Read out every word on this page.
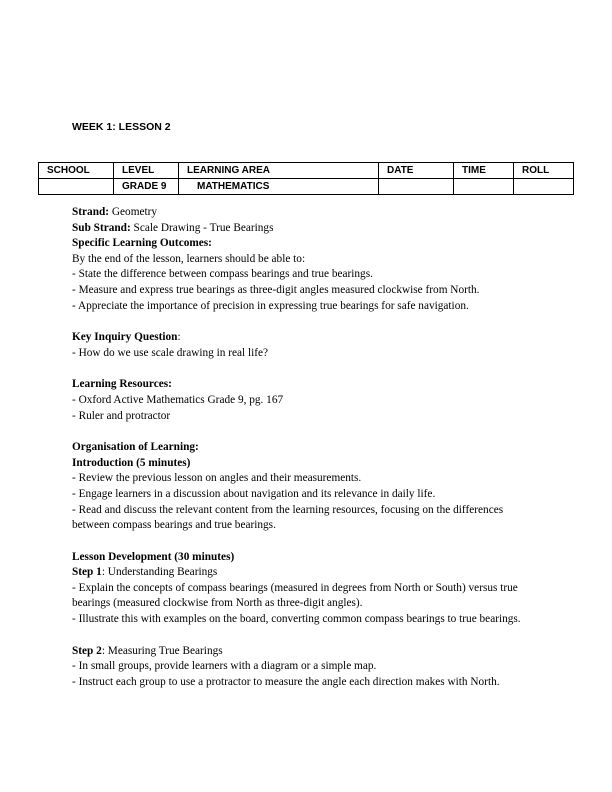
WEEK 1: LESSON 2
SCHOOL	LEVEL	LEARNING AREA	DATE	TIME	ROLL
	GRADE 9	MATHEMATICS			

Strand: Geometry

Sub Strand: Scale Drawing - True Bearings

Specific Learning Outcomes:

By the end of the lesson, learners should be able to:

- State the difference between compass bearings and true bearings.

- Measure and express true bearings as three-digit angles measured clockwise from North.

- Appreciate the importance of precision in expressing true bearings for safe navigation.

Key Inquiry Question:

- How do we use scale drawing in real life?

Learning Resources:

- Oxford Active Mathematics Grade 9, pg. 167

- Ruler and protractor

Organisation of Learning:

Introduction (5 minutes)

- Review the previous lesson on angles and their measurements.

- Engage learners in a discussion about navigation and its relevance in daily life.

- Read and discuss the relevant content from the learning resources, focusing on the differences between compass bearings and true bearings.

Lesson Development (30 minutes)

Step 1: Understanding Bearings

- Explain the concepts of compass bearings (measured in degrees from North or South) versus true bearings (measured clockwise from North as three-digit angles).

- Illustrate this with examples on the board, converting common compass bearings to true bearings.

Step 2: Measuring True Bearings

- In small groups, provide learners with a diagram or a simple map.

- Instruct each group to use a protractor to measure the angle each direction makes with North.
